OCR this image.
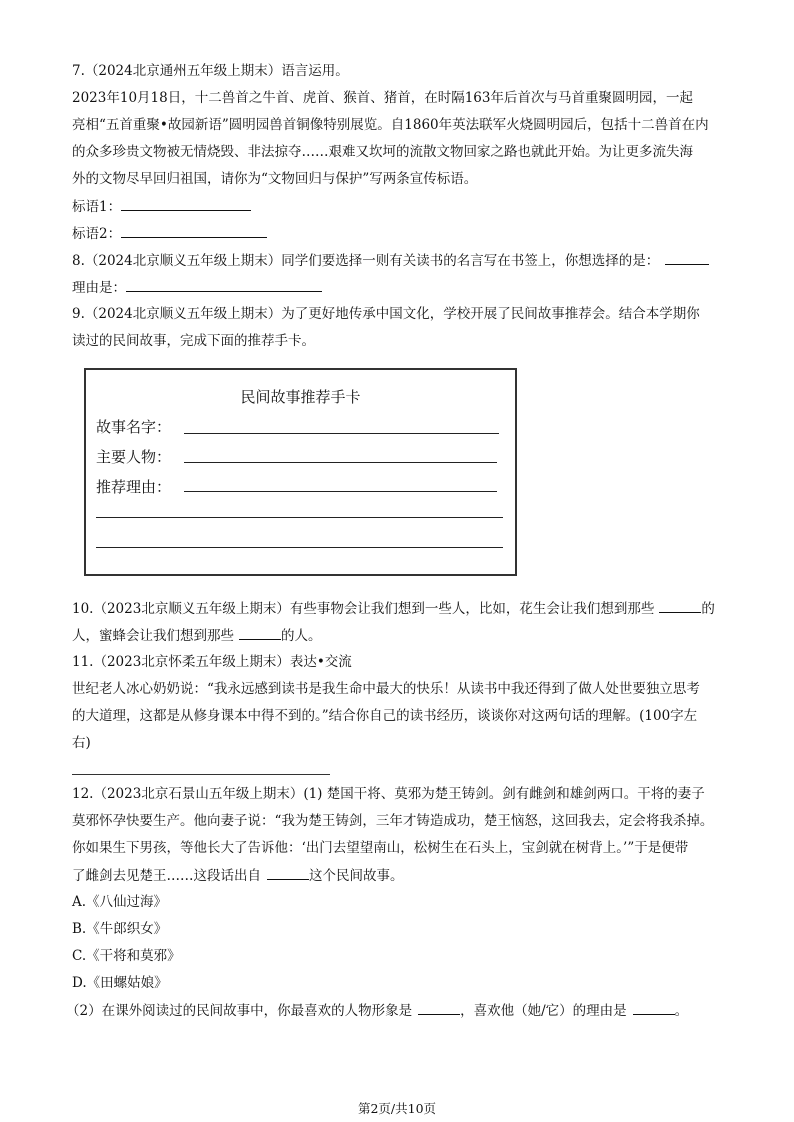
7.（2024北京通州五年级上期末）语言运用。
2023年10月18日，十二兽首之牛首、虎首、猴首、猪首，在时隔163年后首次与马首重聚圆明园，一起
亮相“五首重聚•故园新语”圆明园兽首铜像特别展览。自1860年英法联军火烧圆明园后，包括十二兽首在内
的众多珍贵文物被无情烧毁、非法掠夺……艰难又坎坷的流散文物回家之路也就此开始。为让更多流失海
外的文物尽早回归祖国，请你为“文物回归与保护”写两条宣传标语。
标语1：
标语2：
8.（2024北京顺义五年级上期末）同学们要选择一则有关读书的名言写在书签上，你想选择的是：
理由是：
9.（2024北京顺义五年级上期末）为了更好地传承中国文化，学校开展了民间故事推荐会。结合本学期你
读过的民间故事，完成下面的推荐手卡。
民间故事推荐手卡
故事名字：
主要人物：
推荐理由：
10.（2023北京顺义五年级上期末）有些事物会让我们想到一些人，比如，花生会让我们想到那些	的
人，蜜蜂会让我们想到那些	的人。
11.（2023北京怀柔五年级上期末）表达•交流
世纪老人冰心奶奶说：“我永远感到读书是我生命中最大的快乐！从读书中我还得到了做人处世要独立思考
的大道理，这都是从修身课本中得不到的。”结合你自己的读书经历，谈谈你对这两句话的理解。(100字左
右)
12.（2023北京石景山五年级上期末）(1) 楚国干将、莫邪为楚王铸剑。剑有雌剑和雄剑两口。干将的妻子
莫邪怀孕快要生产。他向妻子说：“我为楚王铸剑，三年才铸造成功，楚王恼怒，这回我去，定会将我杀掉。
你如果生下男孩，等他长大了告诉他：‘出门去望望南山，松树生在石头上，宝剑就在树背上。’”于是便带
了雌剑去见楚王……这段话出自	这个民间故事。
A.《八仙过海》
B.《牛郎织女》
C.《干将和莫邪》
D.《田螺姑娘》
（2）在课外阅读过的民间故事中，你最喜欢的人物形象是	，喜欢他（她/它）的理由是	。
第2页/共10页
